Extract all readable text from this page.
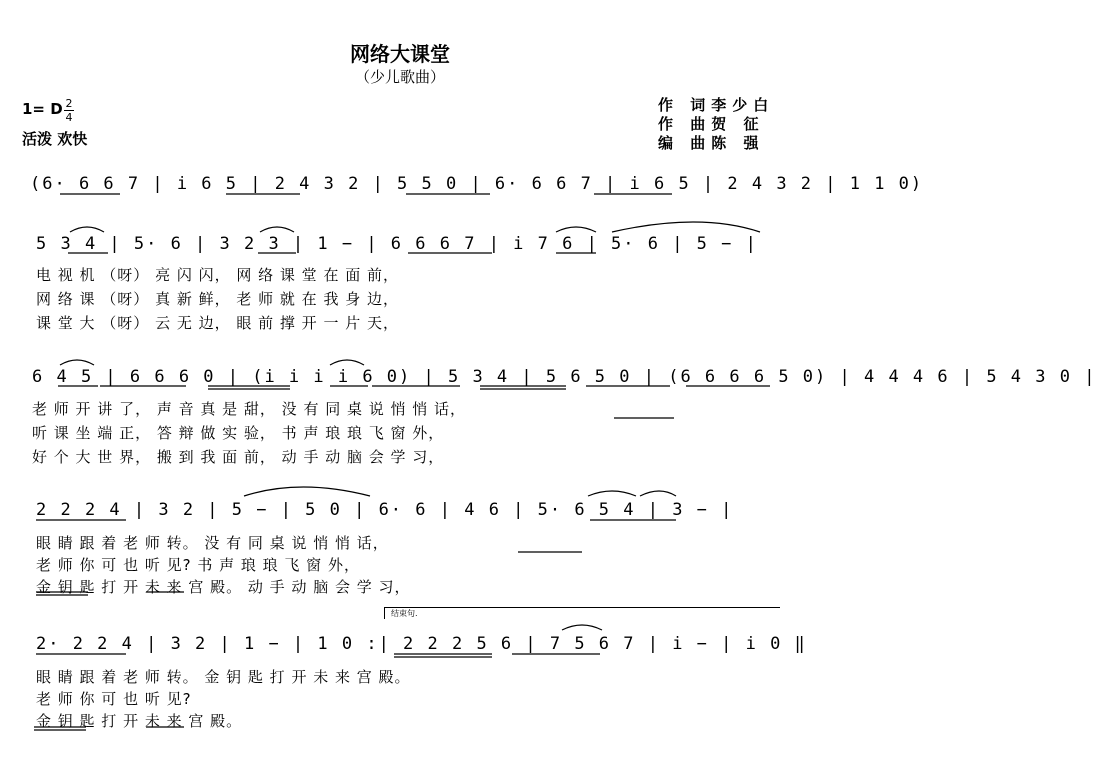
网络大课堂
（少儿歌曲）
1= D 2
4
活泼 欢快
作 词李少白
作 曲贺 征
编 曲陈 强
(6· 6 6 7 | i 6 5 | 2 4 3 2 | 5 5 0 | 6· 6 6 7 | i 6 5 | 2 4 3 2 | 1 1 0)
5 3 4 | 5· 6 | 3 2 3 | 1 − | 6 6 6 7 | i 7 6 | 5· 6 | 5 − |
电 视 机 （呀） 亮 闪 闪， 网 络 课 堂 在 面 前，
网 络 课 （呀） 真 新 鲜， 老 师 就 在 我 身 边，
课 堂 大 （呀） 云 无 边， 眼 前 撑 开 一 片 天，
6 4 5 | 6 6 6 0 | (i i i i 6 0) | 5 3 4 | 5 6 5 0 | (6 6 6 6 5 0) | 4 4 4 6 | 5 4 3 0 |
老 师 开 讲 了， 声 音 真 是 甜， 没 有 同 桌 说 悄 悄 话，
听 课 坐 端 正， 答 辩 做 实 验， 书 声 琅 琅 飞 窗 外，
好 个 大 世 界， 搬 到 我 面 前， 动 手 动 脑 会 学 习，
2 2 2 4 | 3 2 | 5 − | 5 0 | 6· 6 | 4 6 | 5· 6 5 4 | 3 − |
眼 睛 跟 着 老 师 转。 没 有 同 桌 说 悄 悄 话，
老 师 你 可 也 听 见? 书 声 琅 琅 飞 窗 外，
金 钥 匙 打 开 未 来 宫 殿。 动 手 动 脑 会 学 习，
结束句.
2· 2 2 4 | 3 2 | 1 − | 1 0 :| 2 2 2 5 6 | 7 5 6 7 | i − | i 0 ‖
眼 睛 跟 着 老 师 转。 金 钥 匙 打 开 未 来 宫 殿。
老 师 你 可 也 听 见?
金 钥 匙 打 开 未 来 宫 殿。
